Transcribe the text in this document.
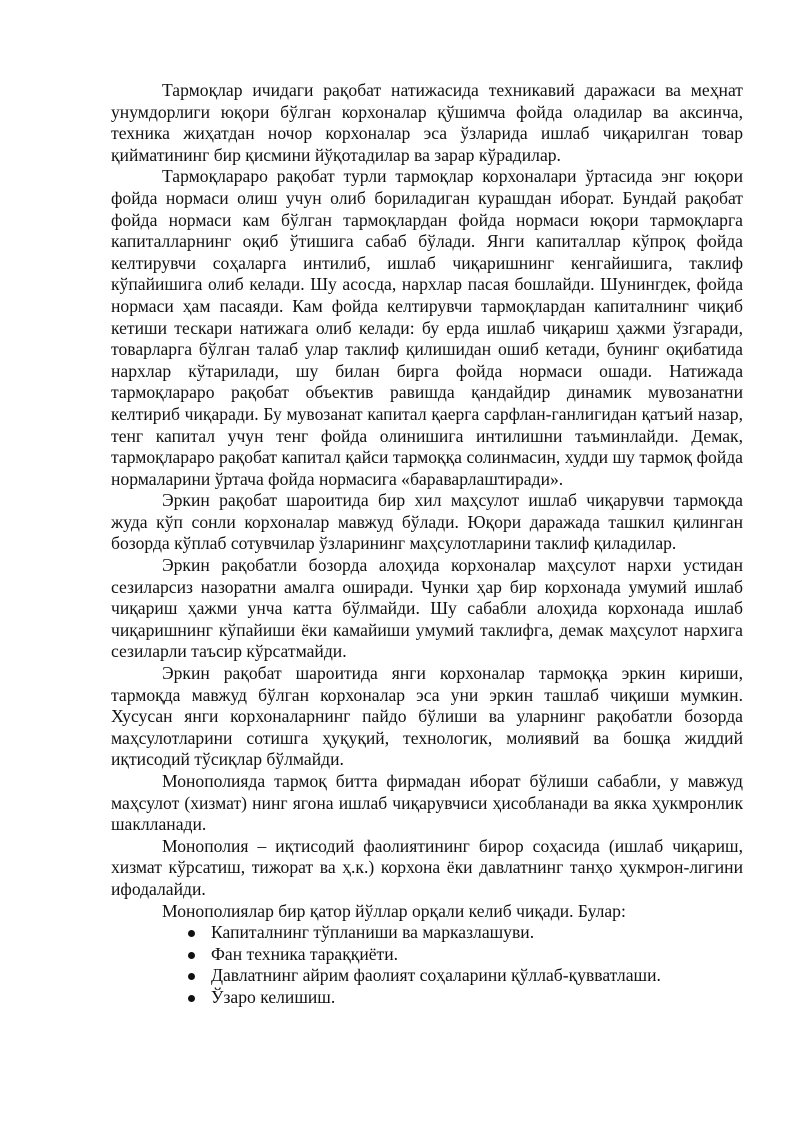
Тармоқлар ичидаги рақобат натижасида техникавий даражаси ва меҳнат унумдорлиги юқори бўлган корхоналар қўшимча фойда оладилар ва аксинча, техника жиҳатдан ночор корхоналар эса ўзларида ишлаб чиқарилган товар қийматининг бир қисмини йўқотадилар ва зарар кўрадилар.

Тармоқлараро рақобат турли тармоқлар корхоналари ўртасида энг юқори фойда нормаси олиш учун олиб бориладиган курашдан иборат. Бундай рақобат фойда нормаси кам бўлган тармоқлардан фойда нормаси юқори тармоқларга капиталларнинг оқиб ўтишига сабаб бўлади. Янги капиталлар кўпроқ фойда келтирувчи соҳаларга интилиб, ишлаб чиқаришнинг кенгайишига, таклиф кўпайишига олиб келади. Шу асосда, нархлар пасая бошлайди. Шунингдек, фойда нормаси ҳам пасаяди. Кам фойда келтирувчи тармоқлардан капиталнинг чиқиб кетиши тескари натижага олиб келади: бу ерда ишлаб чиқариш ҳажми ўзгаради, товарларга бўлган талаб улар таклиф қилишидан ошиб кетади, бунинг оқибатида нархлар кўтарилади, шу билан бирга фойда нормаси ошади. Натижада тармоқлараро рақобат объектив равишда қандайдир динамик мувозанатни келтириб чиқаради. Бу мувозанат капитал қаерга сарфлан-ганлигидан қатъий назар, тенг капитал учун тенг фойда олинишига интилишни таъминлайди. Демак, тармоқлараро рақобат капитал қайси тармоққа солинмасин, худди шу тармоқ фойда нормаларини ўртача фойда нормасига «бараварлаштиради».

Эркин рақобат шароитида бир хил маҳсулот ишлаб чиқарувчи тармоқда жуда кўп сонли корхоналар мавжуд бўлади. Юқори даражада ташкил қилинган бозорда кўплаб сотувчилар ўзларининг маҳсулотларини таклиф қиладилар.

Эркин рақобатли бозорда алоҳида корхоналар маҳсулот нархи устидан сезиларсиз назоратни амалга оширади. Чунки ҳар бир корхонада умумий ишлаб чиқариш ҳажми унча катта бўлмайди. Шу сабабли алоҳида корхонада ишлаб чиқаришнинг кўпайиши ёки камайиши умумий таклифга, демак маҳсулот нархига сезиларли таъсир кўрсатмайди.

Эркин рақобат шароитида янги корхоналар тармоққа эркин кириши, тармоқда мавжуд бўлган корхоналар эса уни эркин ташлаб чиқиши мумкин. Хусусан янги корхоналарнинг пайдо бўлиши ва уларнинг рақобатли бозорда маҳсулотларини сотишга ҳуқуқий, технологик, молиявий ва бошқа жиддий иқтисодий тўсиқлар бўлмайди.

Монополияда тармоқ битта фирмадан иборат бўлиши сабабли, у мавжуд маҳсулот (хизмат) нинг ягона ишлаб чиқарувчиси ҳисобланади ва якка ҳукмронлик шаклланади.

Монополия – иқтисодий фаолиятининг бирор соҳасида (ишлаб чиқариш, хизмат кўрсатиш, тижорат ва ҳ.к.) корхона ёки давлатнинг танҳо ҳукмрон-лигини ифодалайди.

Монополиялар бир қатор йўллар орқали келиб чиқади. Булар:

Капиталнинг тўпланиши ва марказлашуви.
Фан техника тараққиёти.
Давлатнинг айрим фаолият соҳаларини қўллаб-қувватлаши.
Ўзаро келишиш.
